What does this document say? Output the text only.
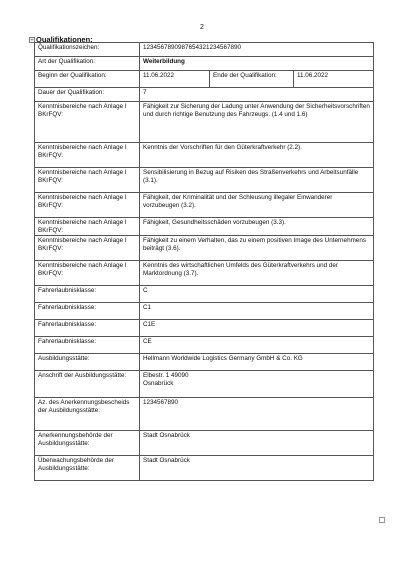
2
+ Qualifikationen:
Qualifikationszeichen:	1234567890987654321234567890		
Art der Qualifikation:	Weiterbildung		
Beginn der Qualifikation:	11.06.2022	Ende der Qualifikation:	11.06.2022
Dauer der Qualifikation:	7		
Kenntnisbereiche nach Anlage I BKrFQV:	Fähigkeit zur Sicherung der Ladung unter Anwendung der Sicherheitsvorschriften und durch richtige Benutzung des Fahrzeugs. (1.4 und 1.6)		
Kenntnisbereiche nach Anlage I BKrFQV:	Kenntnis der Vorschriften für den Güterkraftverkehr (2.2).		
Kenntnisbereiche nach Anlage I BKrFQV:	Sensibilisierung in Bezug auf Risiken des Straßenverkehrs und Arbeitsunfälle (3.1).		
Kenntnisbereiche nach Anlage I BKrFQV:	Fähigkeit, der Kriminalität und der Schleusung illegaler Einwanderer vorzubeugen (3.2).		
Kenntnisbereiche nach Anlage I BKrFQV:	Fähigkeit, Gesundheitsschäden vorzubeugen (3.3).		
Kenntnisbereiche nach Anlage I BKrFQV:	Fähigkeit zu einem Verhalten, das zu einem positiven Image des Unternehmens beiträgt (3.6).		
Kenntnisbereiche nach Anlage I BKrFQV:	Kenntnis des wirtschaftlichen Umfelds des Güterkraftverkehrs und der Marktordnung (3.7).		
Fahrerlaubnisklasse:	C		
Fahrerlaubnisklasse:	C1		
Fahrerlaubnisklasse:	C1E		
Fahrerlaubnisklasse:	CE		
Ausbildungsstätte:	Hellmann Worldwide Logistics Germany GmbH & Co. KG		
Anschrift der Ausbildungsstätte:	Elbestr. 1 49090
Osnabrück		
Az. des Anerkennungsbescheids der Ausbildungsstätte:	1234567890		
Anerkennungsbehörde der Ausbildungsstätte:	Stadt Osnabrück		
Überwachungsbehörde der Ausbildungsstätte:	Stadt Osnabrück		
